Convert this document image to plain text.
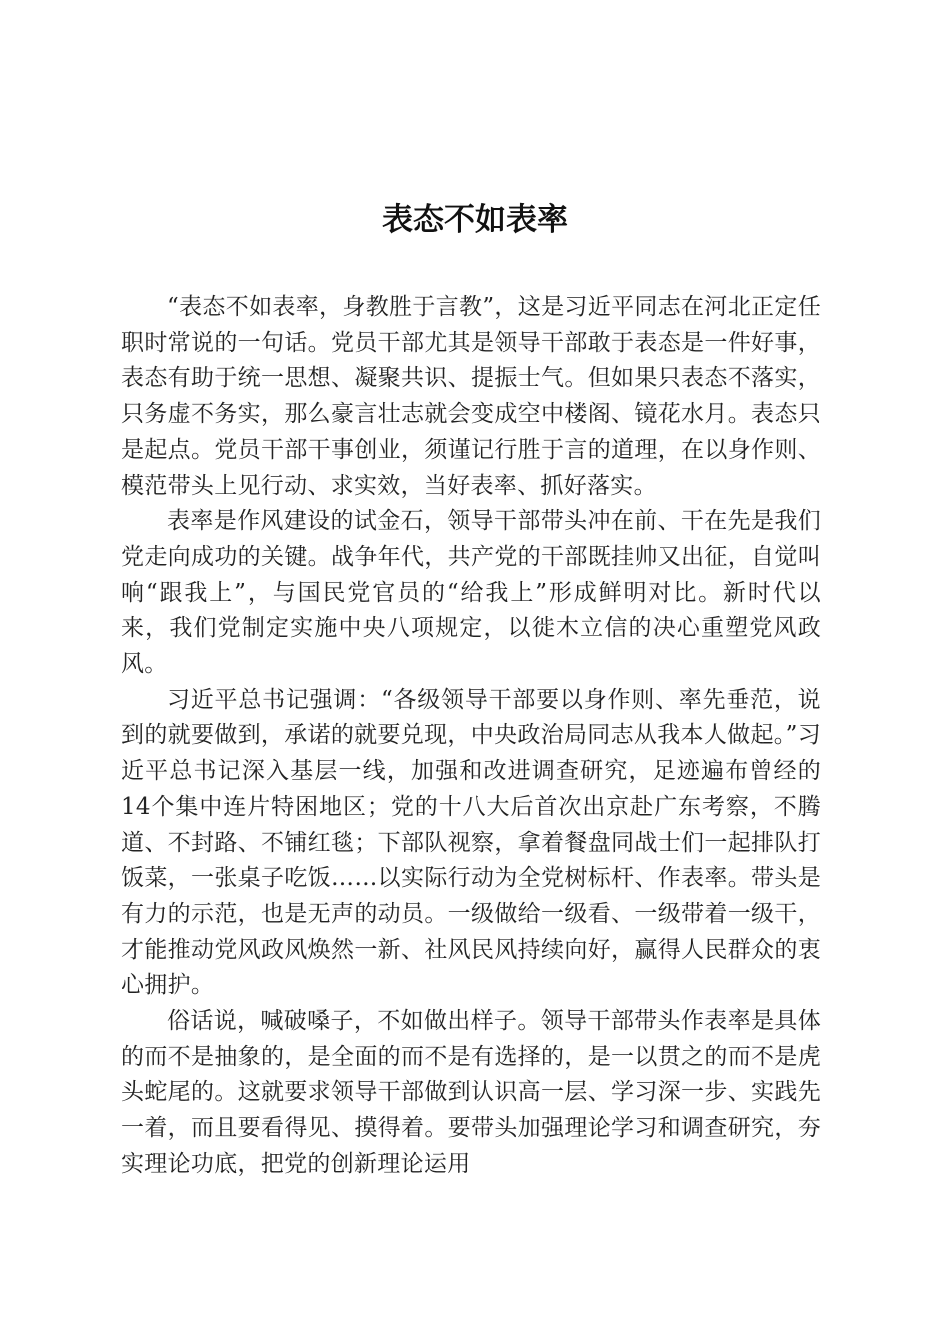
表态不如表率

“表态不如表率，身教胜于言教”，这是习近平同志在河北正定任职时常说的一句话。党员干部尤其是领导干部敢于表态是一件好事，表态有助于统一思想、凝聚共识、提振士气。但如果只表态不落实，只务虚不务实，那么豪言壮志就会变成空中楼阁、镜花水月。表态只是起点。党员干部干事创业，须谨记行胜于言的道理，在以身作则、模范带头上见行动、求实效，当好表率、抓好落实。

表率是作风建设的试金石，领导干部带头冲在前、干在先是我们党走向成功的关键。战争年代，共产党的干部既挂帅又出征，自觉叫响“跟我上”，与国民党官员的“给我上”形成鲜明对比。新时代以来，我们党制定实施中央八项规定，以徙木立信的决心重塑党风政风。

习近平总书记强调：“各级领导干部要以身作则、率先垂范，说到的就要做到，承诺的就要兑现，中央政治局同志从我本人做起。”习近平总书记深入基层一线，加强和改进调查研究，足迹遍布曾经的14个集中连片特困地区；党的十八大后首次出京赴广东考察，不腾道、不封路、不铺红毯；下部队视察，拿着餐盘同战士们一起排队打饭菜，一张桌子吃饭……以实际行动为全党树标杆、作表率。带头是有力的示范，也是无声的动员。一级做给一级看、一级带着一级干，才能推动党风政风焕然一新、社风民风持续向好，赢得人民群众的衷心拥护。

俗话说，喊破嗓子，不如做出样子。领导干部带头作表率是具体的而不是抽象的，是全面的而不是有选择的，是一以贯之的而不是虎头蛇尾的。这就要求领导干部做到认识高一层、学习深一步、实践先一着，而且要看得见、摸得着。要带头加强理论学习和调查研究，夯实理论功底，把党的创新理论运用
